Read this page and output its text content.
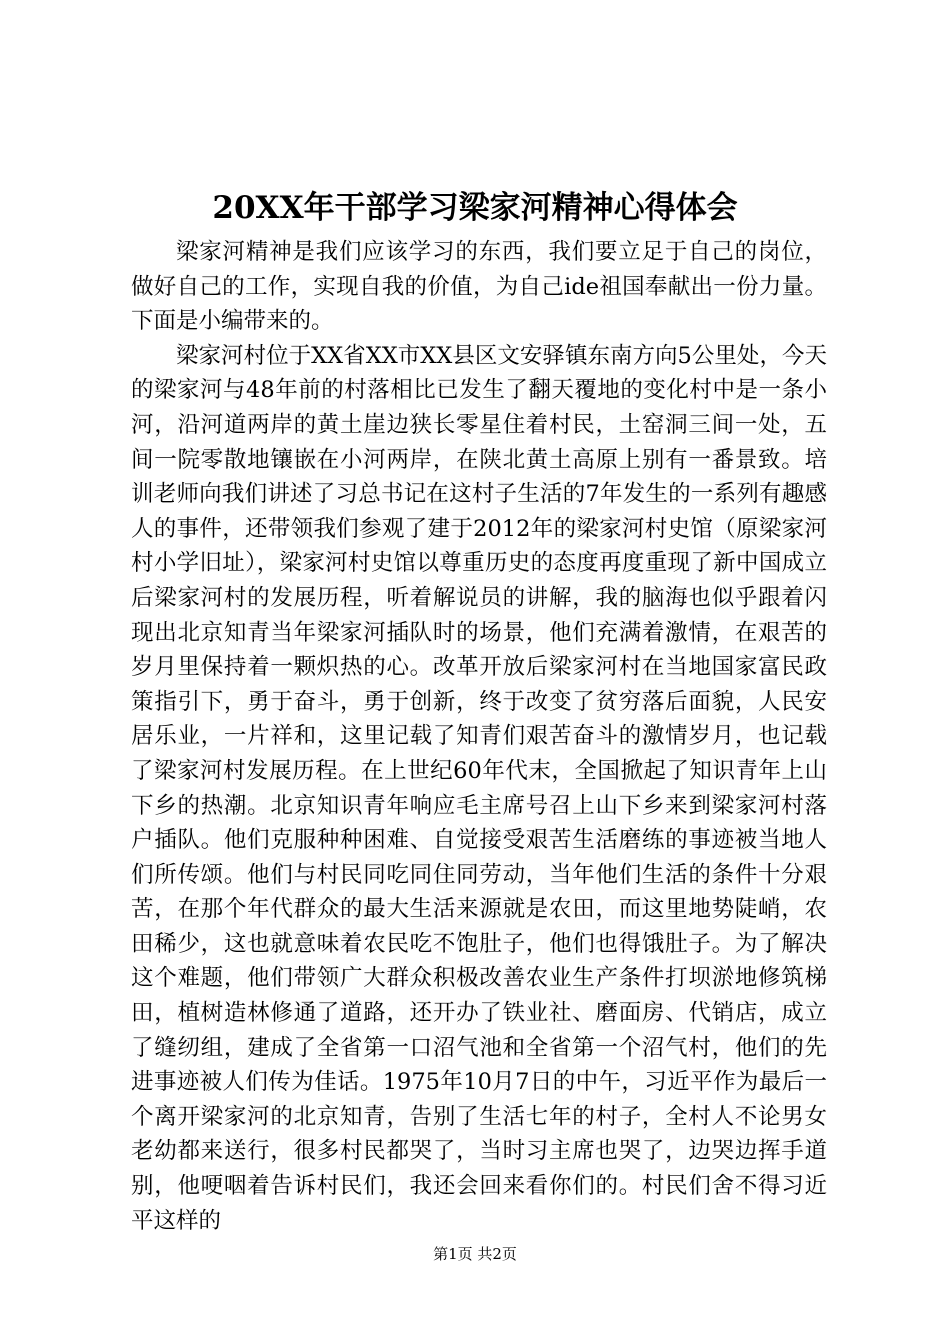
20XX年干部学习梁家河精神心得体会

梁家河精神是我们应该学习的东西，我们要立足于自己的岗位，做好自己的工作，实现自我的价值，为自己ide祖国奉献出一份力量。下面是小编带来的。

梁家河村位于XX省XX市XX县区文安驿镇东南方向5公里处，今天的梁家河与48年前的村落相比已发生了翻天覆地的变化村中是一条小河，沿河道两岸的黄土崖边狭长零星住着村民，土窑洞三间一处，五间一院零散地镶嵌在小河两岸，在陕北黄土高原上别有一番景致。培训老师向我们讲述了习总书记在这村子生活的7年发生的一系列有趣感人的事件，还带领我们参观了建于2012年的梁家河村史馆（原梁家河村小学旧址），梁家河村史馆以尊重历史的态度再度重现了新中国成立后梁家河村的发展历程，听着解说员的讲解，我的脑海也似乎跟着闪现出北京知青当年梁家河插队时的场景，他们充满着激情，在艰苦的岁月里保持着一颗炽热的心。改革开放后梁家河村在当地国家富民政策指引下，勇于奋斗，勇于创新，终于改变了贫穷落后面貌，人民安居乐业，一片祥和，这里记载了知青们艰苦奋斗的激情岁月，也记载了梁家河村发展历程。在上世纪60年代末，全国掀起了知识青年上山下乡的热潮。北京知识青年响应毛主席号召上山下乡来到梁家河村落户插队。他们克服种种困难、自觉接受艰苦生活磨练的事迹被当地人们所传颂。他们与村民同吃同住同劳动，当年他们生活的条件十分艰苦，在那个年代群众的最大生活来源就是农田，而这里地势陡峭，农田稀少，这也就意味着农民吃不饱肚子，他们也得饿肚子。为了解决这个难题，他们带领广大群众积极改善农业生产条件打坝淤地修筑梯田，植树造林修通了道路，还开办了铁业社、磨面房、代销店，成立了缝纫组，建成了全省第一口沼气池和全省第一个沼气村，他们的先进事迹被人们传为佳话。1975年10月7日的中午，习近平作为最后一个离开梁家河的北京知青，告别了生活七年的村子，全村人不论男女老幼都来送行，很多村民都哭了，当时习主席也哭了，边哭边挥手道别，他哽咽着告诉村民们，我还会回来看你们的。村民们舍不得习近平这样的

第1页 共2页
